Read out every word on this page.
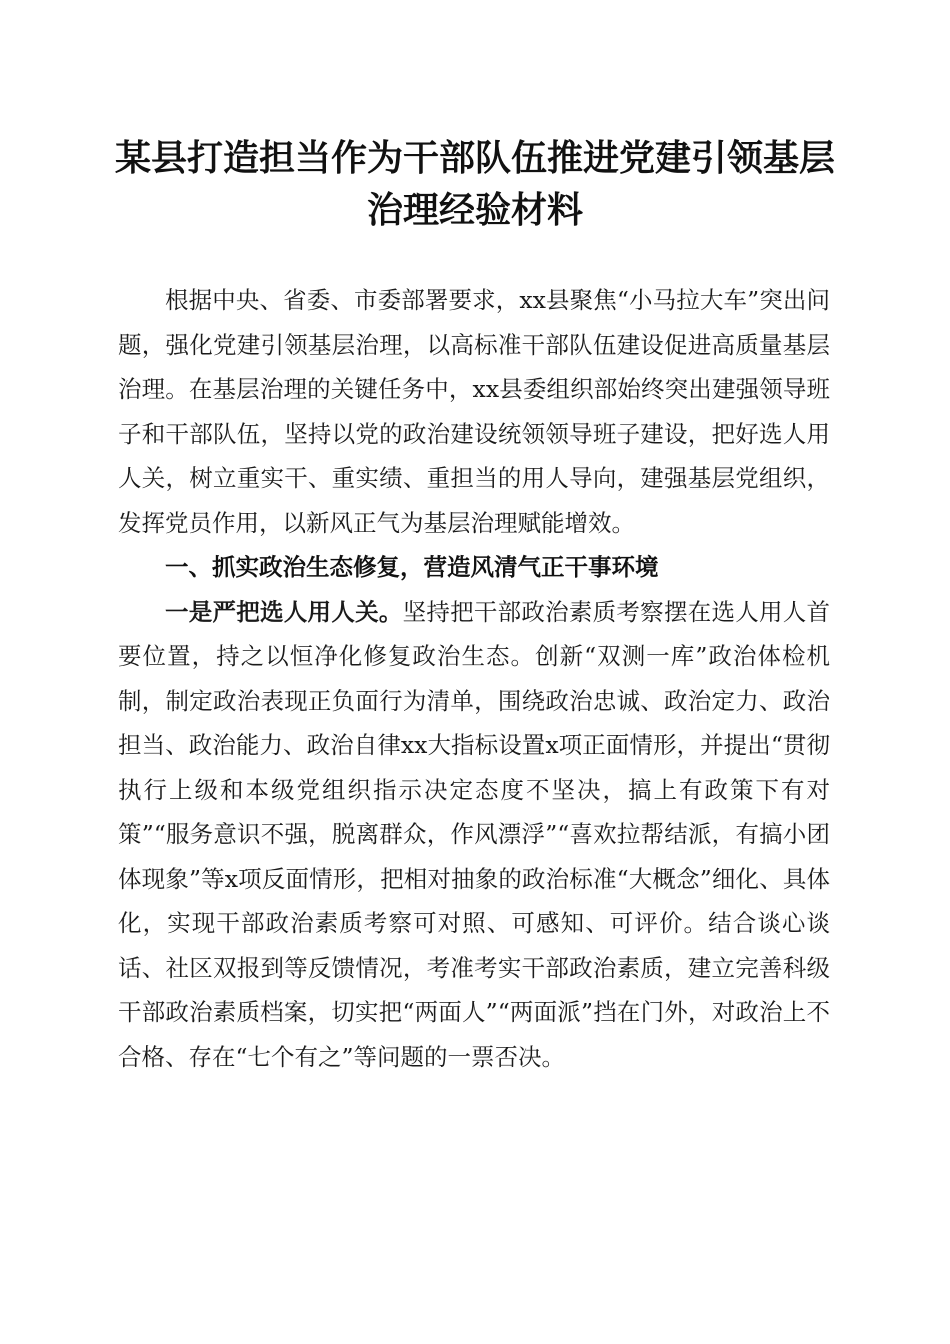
某县打造担当作为干部队伍推进党建引领基层
治理经验材料

根据中央、省委、市委部署要求，xx县聚焦“小马拉大车”突出问题，强化党建引领基层治理，以高标准干部队伍建设促进高质量基层治理。在基层治理的关键任务中，xx县委组织部始终突出建强领导班子和干部队伍，坚持以党的政治建设统领领导班子建设，把好选人用人关，树立重实干、重实绩、重担当的用人导向，建强基层党组织，发挥党员作用，以新风正气为基层治理赋能增效。

一、抓实政治生态修复，营造风清气正干事环境

一是严把选人用人关。坚持把干部政治素质考察摆在选人用人首要位置，持之以恒净化修复政治生态。创新“双测一库”政治体检机制，制定政治表现正负面行为清单，围绕政治忠诚、政治定力、政治担当、政治能力、政治自律xx大指标设置x项正面情形，并提出“贯彻执行上级和本级党组织指示决定态度不坚决，搞上有政策下有对策”“服务意识不强，脱离群众，作风漂浮”“喜欢拉帮结派，有搞小团体现象”等x项反面情形，把相对抽象的政治标准“大概念”细化、具体化，实现干部政治素质考察可对照、可感知、可评价。结合谈心谈话、社区双报到等反馈情况，考准考实干部政治素质，建立完善科级干部政治素质档案，切实把“两面人”“两面派”挡在门外，对政治上不合格、存在“七个有之”等问题的一票否决。
